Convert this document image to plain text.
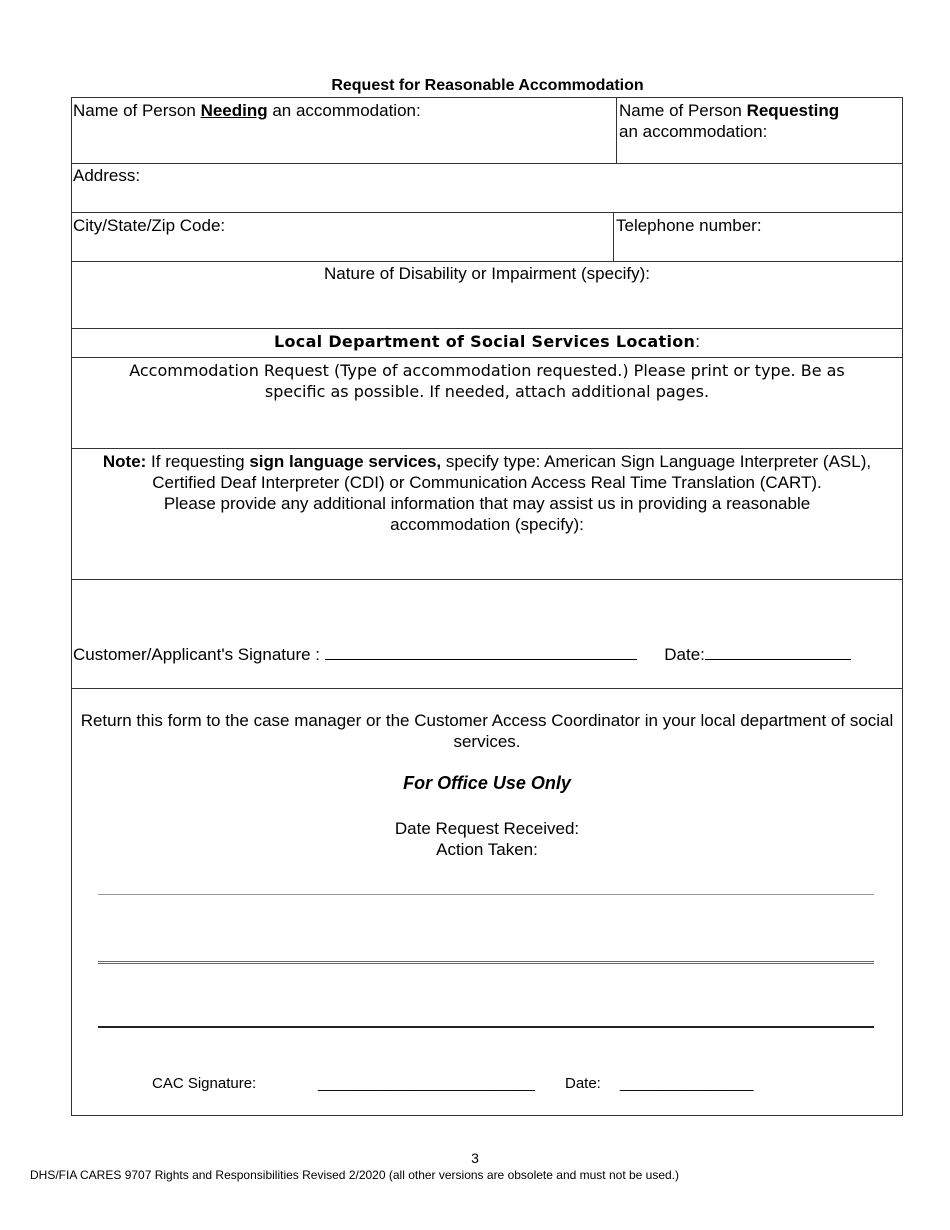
Request for Reasonable Accommodation
Name of Person Needing an accommodation:	Name of Person Requesting
an accommodation:
Address:
City/State/Zip Code:	Telephone number:
Nature of Disability or Impairment (specify):
Local Department of Social Services Location:
Accommodation Request (Type of accommodation requested.) Please print or type. Be as
specific as possible. If needed, attach additional pages.
Note: If requesting sign language services, specify type: American Sign Language Interpreter (ASL), Certified Deaf Interpreter (CDI) or Communication Access Real Time Translation (CART).
Please provide any additional information that may assist us in providing a reasonable accommodation (specify):
Customer/Applicant's Signature :	Date:
Return this form to the case manager or the Customer Access Coordinator in your local department of social services.
For Office Use Only
Date Request Received:
Action Taken:
CAC Signature:	__________________________ Date: ________________
3
DHS/FIA CARES 9707 Rights and Responsibilities Revised 2/2020 (all other versions are obsolete and must not be used.)
